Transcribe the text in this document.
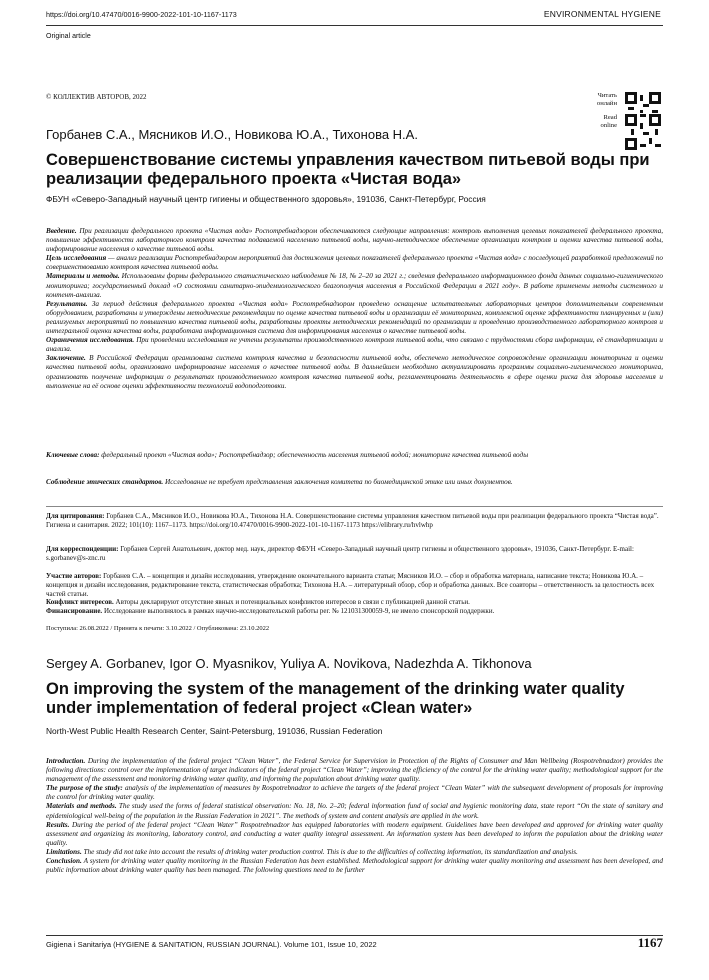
https://doi.org/10.47470/0016-9900-2022-101-10-1167-1173	ENVIRONMENTAL HYGIENE
Original article
© КОЛЛЕКТИВ АВТОРОВ, 2022	Читать
онлайн
Read
online
Горбанев С.А., Мясников И.О., Новикова Ю.А., Тихонова Н.А.
Совершенствование системы управления качеством питьевой воды при реализации федерального проекта «Чистая вода»
ФБУН «Северо-Западный научный центр гигиены и общественного здоровья», 191036, Санкт-Петербург, Россия

Введение. При реализации федерального проекта «Чистая вода» Роспотребнадзором обеспечиваются следующие направления: контроль выполнения целевых показателей федерального проекта, повышение эффективности лабораторного контроля качества подаваемой населению питьевой воды, научно-методическое обеспечение организации контроля и оценки качества питьевой воды, информирование населения о качестве питьевой воды.

Цель исследования — анализ реализации Роспотребнадзором мероприятий для достижения целевых показателей федерального проекта «Чистая вода» с последующей разработкой предложений по совершенствованию контроля качества питьевой воды.

Материалы и методы. Использованы формы федерального статистического наблюдения № 18, № 2–20 за 2021 г.; сведения федерального информационного фонда данных социально-гигиенического мониторинга; государственный доклад «О состоянии санитарно-эпидемиологического благополучия населения в Российской Федерации в 2021 году». В работе применены методы системного и контент-анализа.

Результаты. За период действия федерального проекта «Чистая вода» Роспотребнадзором проведено оснащение испытательных лабораторных центров дополнительным современным оборудованием, разработаны и утверждены методические рекомендации по оценке качества питьевой воды и организации её мониторинга, комплексной оценке эффективности планируемых и (или) реализуемых мероприятий по повышению качества питьевой воды, разработаны проекты методических рекомендаций по организации и проведению производственного лабораторного контроля и интегральной оценки качества воды, разработана информационная система для информирования населения о качестве питьевой воды.

Ограничения исследования. При проведении исследования не учтены результаты производственного контроля питьевой воды, что связано с трудностями сбора информации, её стандартизации и анализа.

Заключение. В Российской Федерации организована система контроля качества и безопасности питьевой воды, обеспечено методическое сопровождение организации мониторинга и оценки качества питьевой воды, организовано информирование населения о качестве питьевой воды. В дальнейшем необходимо актуализировать программы социально-гигиенического мониторинга, организовать получение информации о результатах производственного контроля качества питьевой воды, регламентировать деятельность в сфере оценки риска для здоровья населения и выполнение на её основе оценки эффективности технологий водоподготовки.

Ключевые слова: федеральный проект «Чистая вода»; Роспотребнадзор; обеспеченность населения питьевой водой; мониторинг качества питьевой воды
Соблюдение этических стандартов. Исследование не требует представления заключения комитета по биомедицинской этике или иных документов.
Для цитирования: Горбанев С.А., Мясников И.О., Новикова Ю.А., Тихонова Н.А. Совершенствование системы управления качеством питьевой воды при реализации федерального проекта “Чистая вода”. Гигиена и санитария. 2022; 101(10): 1167–1173. https://doi.org/10.47470/0016-9900-2022-101-10-1167-1173 https://elibrary.ru/hvlwhp
Для корреспонденции: Горбанев Сергей Анатольевич, доктор мед. наук, директор ФБУН «Северо-Западный научный центр гигиены и общественного здоровья», 191036, Санкт-Петербург. E-mail: s.gorbanev@s-znc.ru
Участие авторов: Горбанев С.А. – концепция и дизайн исследования, утверждение окончательного варианта статьи; Мясников И.О. – сбор и обработка материала, написание текста; Новикова Ю.А. – концепция и дизайн исследования, редактирование текста, статистическая обработка; Тихонова Н.А. – литературный обзор, сбор и обработка данных. Все соавторы – ответственность за целостность всех частей статьи.
Конфликт интересов. Авторы декларируют отсутствие явных и потенциальных конфликтов интересов в связи с публикацией данной статьи.
Финансирование. Исследование выполнялось в рамках научно-исследовательской работы рег. № 121031300059-9, не имело спонсорской поддержки.
Поступила: 26.08.2022 / Принята к печати: 3.10.2022 / Опубликована: 23.10.2022
Sergey A. Gorbanev, Igor O. Myasnikov, Yuliya A. Novikova, Nadezhda A. Tikhonova
On improving the system of the management of the drinking water quality under implementation of federal project «Clean water»
North-West Public Health Research Center, Saint-Petersburg, 191036, Russian Federation

Introduction. During the implementation of the federal project “Clean Water”, the Federal Service for Supervision in Protection of the Rights of Consumer and Man Wellbeing (Rospotrebnadzor) provides the following directions: control over the implementation of target indicators of the federal project “Clean Water”; improving the efficiency of the control for the drinking water quality; methodological support for the management of the assessment and monitoring drinking water quality, and informing the population about drinking water quality.

The purpose of the study: analysis of the implementation of measures by Rospotrebnadzor to achieve the targets of the federal project “Clean Water” with the subsequent development of proposals for improving the control for drinking water quality.

Materials and methods. The study used the forms of federal statistical observation: No. 18, No. 2–20; federal information fund of social and hygienic monitoring data, state report “On the state of sanitary and epidemiological well-being of the population in the Russian Federation in 2021”. The methods of system and content analysis are applied in the work.

Results. During the period of the federal project “Clean Water” Rospotrebnadzor has equipped laboratories with modern equipment. Guidelines have been developed and approved for drinking water quality assessment and organizing its monitoring, laboratory control, and conducting a water quality integral assessment. An information system has been developed to inform the population about the drinking water quality.

Limitations. The study did not take into account the results of drinking water production control. This is due to the difficulties of collecting information, its standardization and analysis.

Conclusion. A system for drinking water quality monitoring in the Russian Federation has been established. Methodological support for drinking water quality monitoring and assessment has been developed, and public information about drinking water quality has been managed. The following questions need to be further

Gigiena i Sanitariya (HYGIENE & SANITATION, RUSSIAN JOURNAL). Volume 101, Issue 10, 2022	1167
